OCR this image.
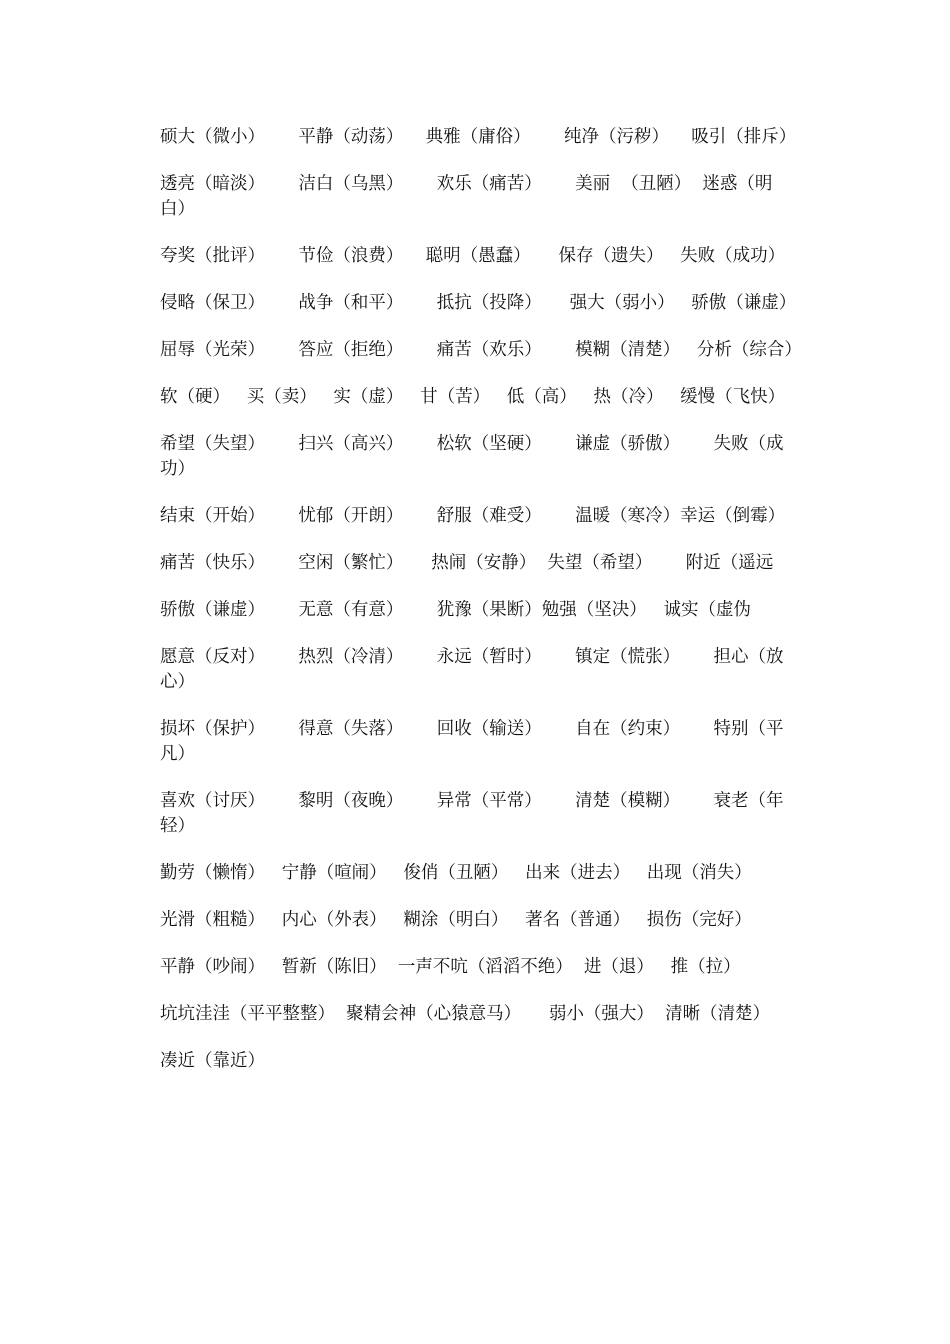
硕大（微小）      平静（动荡）    典雅（庸俗）      纯净（污秽）    吸引（排斥）
透亮（暗淡）      洁白（乌黑）      欢乐（痛苦）      美丽  （丑陋）  迷惑（明白）
夸奖（批评）      节俭（浪费）    聪明（愚蠢）     保存（遗失）   失败（成功）
侵略（保卫）      战争（和平）      抵抗（投降）     强大（弱小）   骄傲（谦虚）
屈辱（光荣）      答应（拒绝）      痛苦（欢乐）      模糊（清楚）   分析（综合）
软（硬）   买（卖）   实（虚）   甘（苦）   低（高）   热（冷）   缓慢（飞快）
希望（失望）      扫兴（高兴）      松软（坚硬）      谦虚（骄傲）      失败（成功）
结束（开始）      忧郁（开朗）      舒服（难受）      温暖（寒冷）幸运（倒霉）
痛苦（快乐）      空闲（繁忙）     热闹（安静）  失望（希望）      附近（遥远
骄傲（谦虚）      无意（有意）      犹豫（果断）勉强（坚决）   诚实（虚伪
愿意（反对）      热烈（冷清）      永远（暂时）      镇定（慌张）      担心（放心）
损坏（保护）      得意（失落）      回收（输送）      自在（约束）      特别（平凡）
喜欢（讨厌）      黎明（夜晚）      异常（平常）      清楚（模糊）      衰老（年轻）
勤劳（懒惰）   宁静（喧闹）   俊俏（丑陋）   出来（进去）   出现（消失）
光滑（粗糙）   内心（外表）   糊涂（明白）   著名（普通）   损伤（完好）
平静（吵闹）   暂新（陈旧）  一声不吭（滔滔不绝）  进（退）   推（拉）
坑坑洼洼（平平整整）  聚精会神（心猿意马）     弱小（强大）  清晰（清楚）
凑近（靠近）
